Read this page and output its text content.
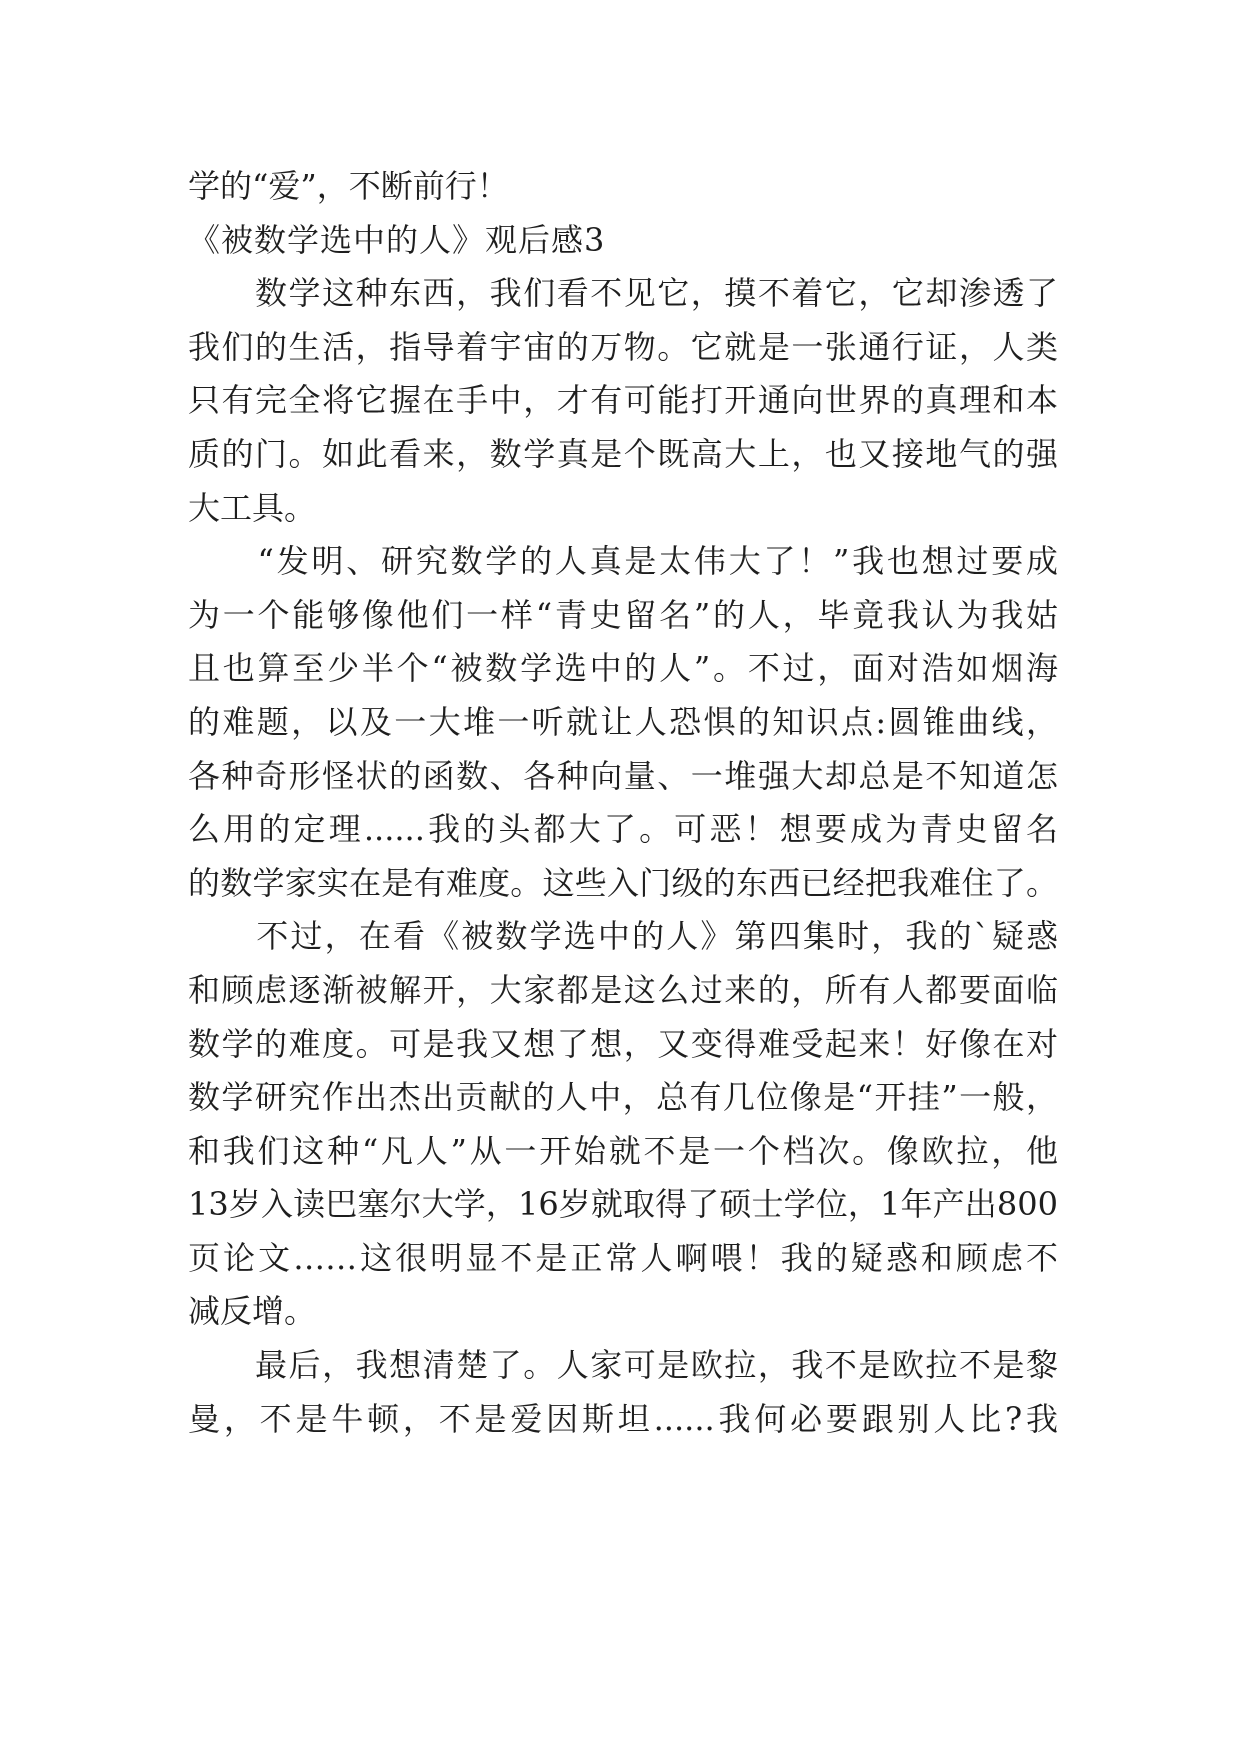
学的“爱”，不断前行！
《被数学选中的人》观后感3
　　数学这种东西，我们看不见它，摸不着它，它却渗透了
我们的生活，指导着宇宙的万物。它就是一张通行证，人类
只有完全将它握在手中，才有可能打开通向世界的真理和本
质的门。如此看来，数学真是个既高大上，也又接地气的强
大工具。
　　“发明、研究数学的人真是太伟大了！”我也想过要成
为一个能够像他们一样“青史留名”的人，毕竟我认为我姑
且也算至少半个“被数学选中的人”。不过，面对浩如烟海
的难题，以及一大堆一听就让人恐惧的知识点:圆锥曲线，
各种奇形怪状的函数、各种向量、一堆强大却总是不知道怎
么用的定理......我的头都大了。可恶！想要成为青史留名
的数学家实在是有难度。这些入门级的东西已经把我难住了。
　　不过，在看《被数学选中的人》第四集时，我的`疑惑
和顾虑逐渐被解开，大家都是这么过来的，所有人都要面临
数学的难度。可是我又想了想，又变得难受起来！好像在对
数学研究作出杰出贡献的人中，总有几位像是“开挂”一般，
和我们这种“凡人”从一开始就不是一个档次。像欧拉，他
13岁入读巴塞尔大学，16岁就取得了硕士学位，1年产出800
页论文……这很明显不是正常人啊喂！我的疑惑和顾虑不
减反增。
　　最后，我想清楚了。人家可是欧拉，我不是欧拉不是黎
曼，不是牛顿，不是爱因斯坦......我何必要跟别人比?我
